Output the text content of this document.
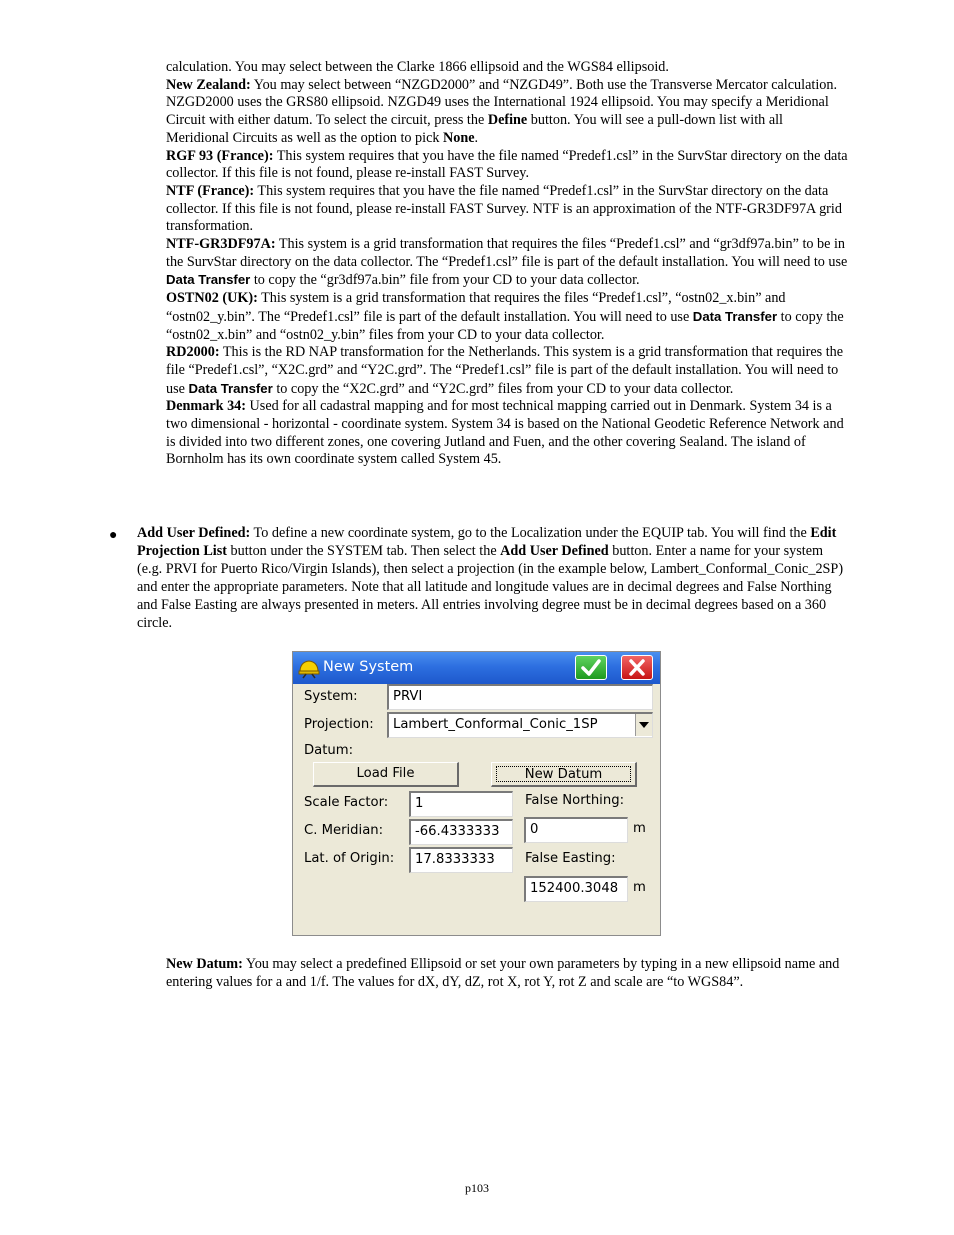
calculation. You may select between the Clarke 1866 ellipsoid and the WGS84 ellipsoid.
New Zealand: You may select between “NZGD2000” and “NZGD49”. Both use the Transverse Mercator calculation. NZGD2000 uses the GRS80 ellipsoid. NZGD49 uses the International 1924 ellipsoid. You may specify a Meridional Circuit with either datum. To select the circuit, press the Define button. You will see a pull-down list with all Meridional Circuits as well as the option to pick None.
RGF 93 (France): This system requires that you have the file named “Predef1.csl” in the SurvStar directory on the data collector. If this file is not found, please re-install FAST Survey.
NTF (France): This system requires that you have the file named “Predef1.csl” in the SurvStar directory on the data collector. If this file is not found, please re-install FAST Survey. NTF is an approximation of the NTF-GR3DF97A grid transformation.
NTF-GR3DF97A: This system is a grid transformation that requires the files “Predef1.csl” and “gr3df97a.bin” to be in the SurvStar directory on the data collector. The “Predef1.csl” file is part of the default installation. You will need to use Data Transfer to copy the “gr3df97a.bin” file from your CD to your data collector.
OSTN02 (UK): This system is a grid transformation that requires the files “Predef1.csl”, “ostn02_x.bin” and “ostn02_y.bin”. The “Predef1.csl” file is part of the default installation. You will need to use Data Transfer to copy the “ostn02_x.bin” and “ostn02_y.bin” files from your CD to your data collector.
RD2000: This is the RD NAP transformation for the Netherlands. This system is a grid transformation that requires the file “Predef1.csl”, “X2C.grd” and “Y2C.grd”. The “Predef1.csl” file is part of the default installation. You will need to use Data Transfer to copy the “X2C.grd” and “Y2C.grd” files from your CD to your data collector.
Denmark 34: Used for all cadastral mapping and for most technical mapping carried out in Denmark. System 34 is a two dimensional - horizontal - coordinate system. System 34 is based on the National Geodetic Reference Network and is divided into two different zones, one covering Jutland and Fuen, and the other covering Sealand. The island of Bornholm has its own coordinate system called System 45.

● Add User Defined: To define a new coordinate system, go to the Localization under the EQUIP tab. You will find the Edit Projection List button under the SYSTEM tab. Then select the Add User Defined button. Enter a name for your system (e.g. PRVI for Puerto Rico/Virgin Islands), then select a projection (in the example below, Lambert_Conformal_Conic_2SP) and enter the appropriate parameters. Note that all latitude and longitude values are in decimal degrees and False Northing and False Easting are always presented in meters. All entries involving degree must be in decimal degrees based on a 360 circle.

New System
System:	PRVI
Projection:	Lambert_Conformal_Conic_1SP
Datum:
Load File	New Datum
Scale Factor:	1
C. Meridian:	-66.4333333
Lat. of Origin:	17.8333333
False Northing:
0	m
False Easting:
152400.3048	m

New Datum: You may select a predefined Ellipsoid or set your own parameters by typing in a new ellipsoid name and entering values for a and 1/f. The values for dX, dY, dZ, rot X, rot Y, rot Z and scale are “to WGS84”.

p103
